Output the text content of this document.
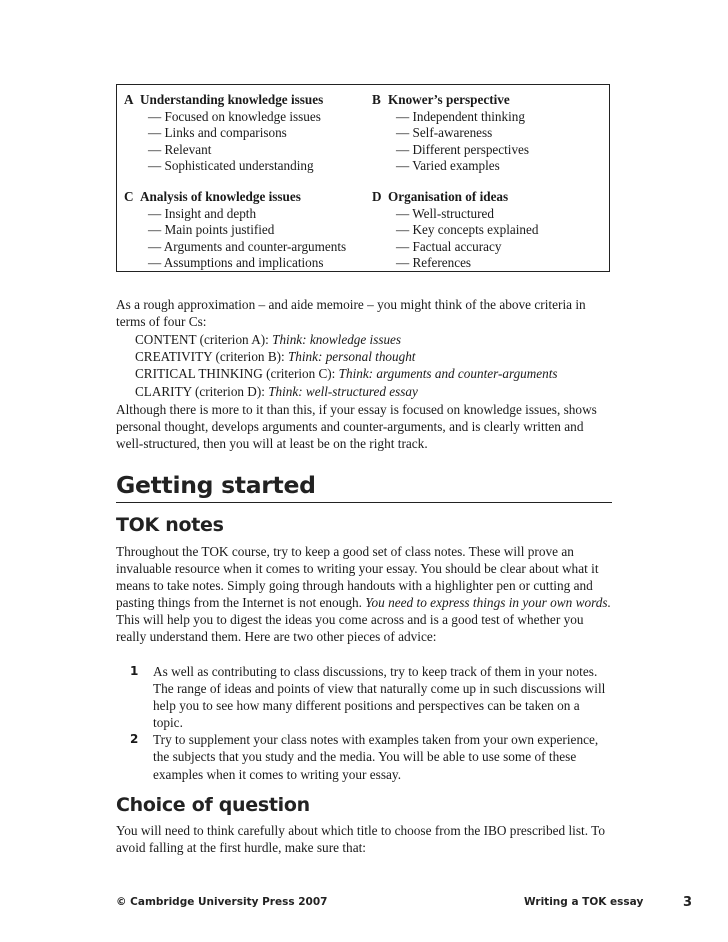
A Understanding knowledge issues
— Focused on knowledge issues
— Links and comparisons
— Relevant
— Sophisticated understanding
B Knower’s perspective
— Independent thinking
— Self-awareness
— Different perspectives
— Varied examples
C Analysis of knowledge issues
— Insight and depth
— Main points justified
— Arguments and counter-arguments
— Assumptions and implications
D Organisation of ideas
— Well-structured
— Key concepts explained
— Factual accuracy
— References
As a rough approximation – and aide memoire – you might think of the above criteria in terms of four Cs:
CONTENT (criterion A): Think: knowledge issues
CREATIVITY (criterion B): Think: personal thought
CRITICAL THINKING (criterion C): Think: arguments and counter-arguments
CLARITY (criterion D): Think: well-structured essay
Although there is more to it than this, if your essay is focused on knowledge issues, shows personal thought, develops arguments and counter-arguments, and is clearly written and well-structured, then you will at least be on the right track.
Getting started
TOK notes
Throughout the TOK course, try to keep a good set of class notes. These will prove an invaluable resource when it comes to writing your essay. You should be clear about what it means to take notes. Simply going through handouts with a highlighter pen or cutting and pasting things from the Internet is not enough. You need to express things in your own words. This will help you to digest the ideas you come across and is a good test of whether you really understand them. Here are two other pieces of advice:
1 As well as contributing to class discussions, try to keep track of them in your notes. The range of ideas and points of view that naturally come up in such discussions will help you to see how many different positions and perspectives can be taken on a topic.
2 Try to supplement your class notes with examples taken from your own experience, the subjects that you study and the media. You will be able to use some of these examples when it comes to writing your essay.
Choice of question
You will need to think carefully about which title to choose from the IBO prescribed list. To avoid falling at the first hurdle, make sure that:
© Cambridge University Press 2007	Writing a TOK essay	3
